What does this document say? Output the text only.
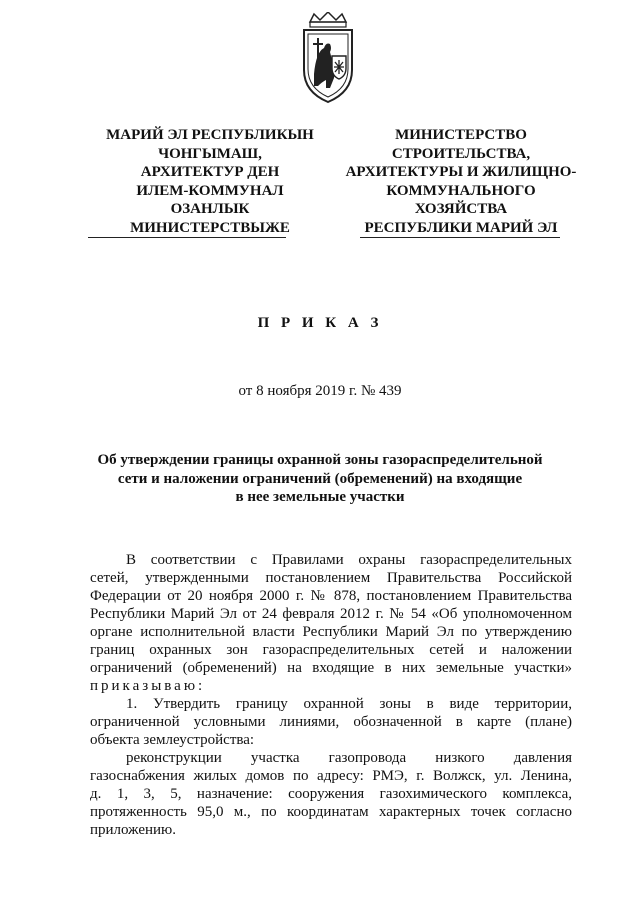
МАРИЙ ЭЛ РЕСПУБЛИКЫН
ЧОНГЫМАШ,
АРХИТЕКТУР ДЕН
ИЛЕМ-КОММУНАЛ
ОЗАНЛЫК
МИНИСТЕРСТВЫЖЕ
МИНИСТЕРСТВО
СТРОИТЕЛЬСТВА,
АРХИТЕКТУРЫ И ЖИЛИЩНО-
КОММУНАЛЬНОГО
ХОЗЯЙСТВА
РЕСПУБЛИКИ МАРИЙ ЭЛ
П Р И К А З
от 8 ноября 2019 г. № 439
Об утверждении границы охранной зоны газораспределительной
сети и наложении ограничений (обременений) на входящие
в нее земельные участки
В соответствии с Правилами охраны газораспределительных
сетей, утвержденными постановлением Правительства Российской
Федерации от 20 ноября 2000 г. № 878, постановлением Правительства
Республики Марий Эл от 24 февраля 2012 г. № 54 «Об уполномоченном
органе исполнительной власти Республики Марий Эл по утверждению
границ охранных зон газораспределительных сетей и наложении
ограничений (обременений) на входящие в них земельные участки»
приказываю:
1. Утвердить границу охранной зоны в виде территории,
ограниченной условными линиями, обозначенной в карте (плане)
объекта землеустройства:
реконструкции участка газопровода низкого давления
газоснабжения жилых домов по адресу: РМЭ, г. Волжск, ул. Ленина,
д. 1, 3, 5, назначение: сооружения газохимического комплекса,
протяженность 95,0 м., по координатам характерных точек согласно
приложению.
